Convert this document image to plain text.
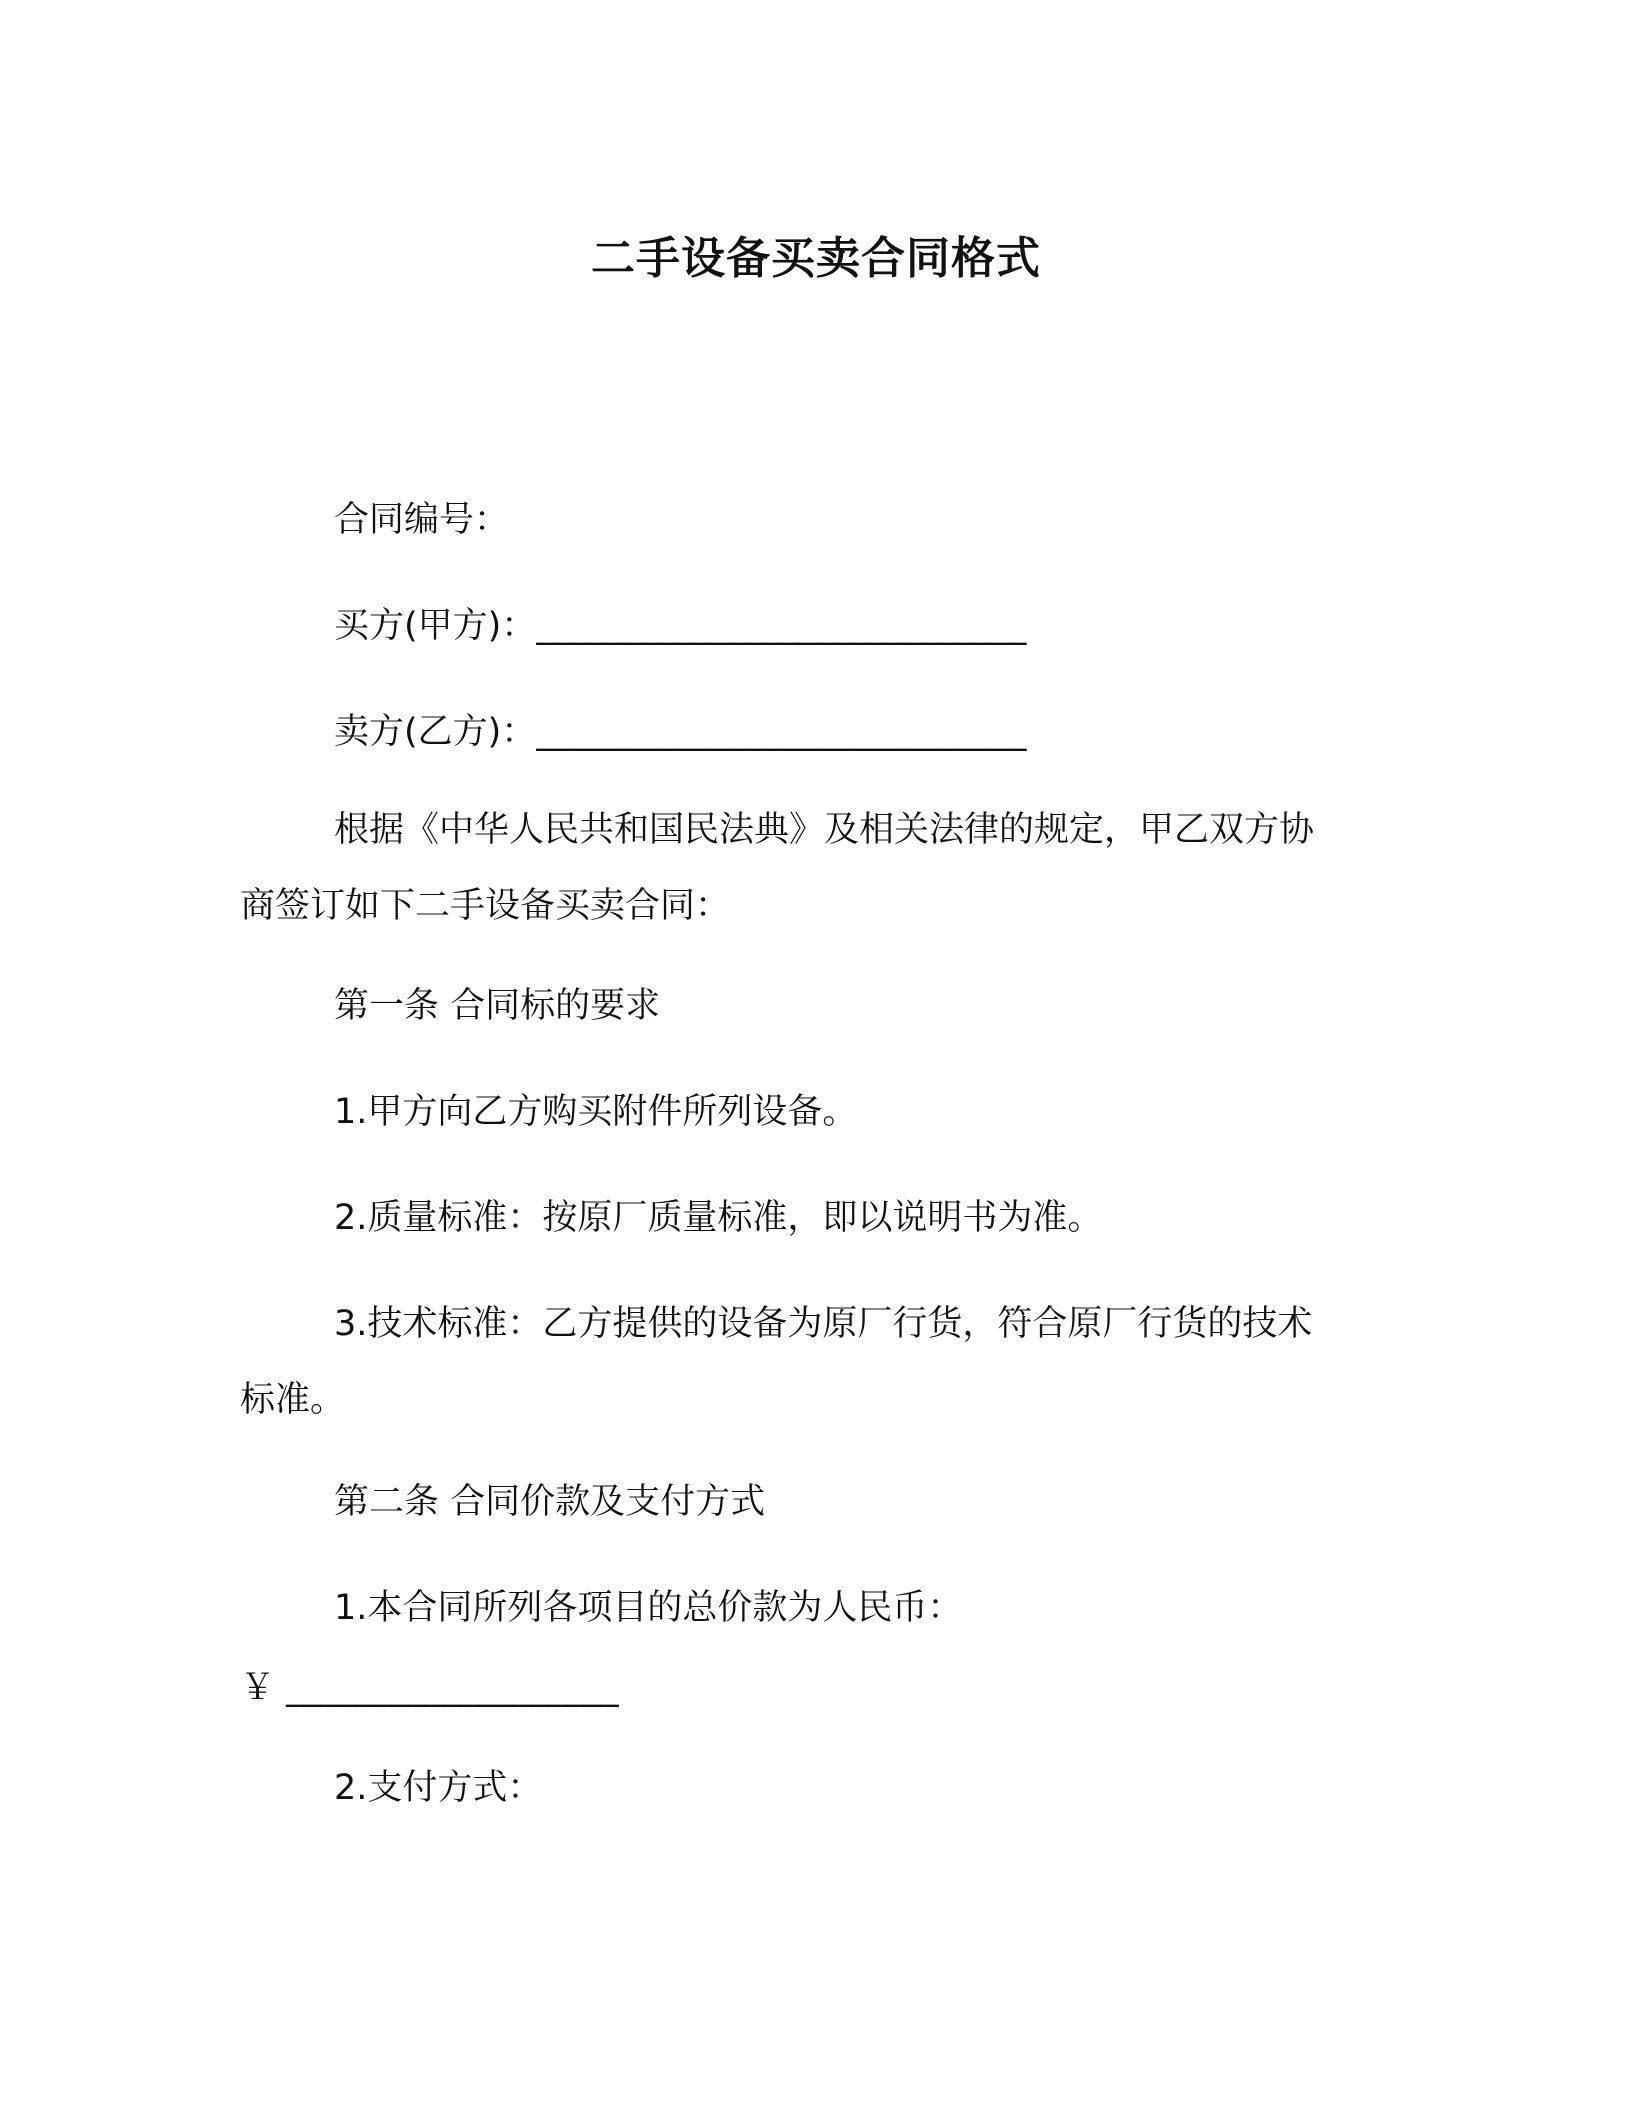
二手设备买卖合同格式
合同编号：
买方(甲方)：____________________________
卖方(乙方)：____________________________
根据《中华人民共和国民法典》及相关法律的规定，甲乙双方协
商签订如下二手设备买卖合同：
第一条 合同标的要求
1.甲方向乙方购买附件所列设备。
2.质量标准：按原厂质量标准，即以说明书为准。
3.技术标准：乙方提供的设备为原厂行货，符合原厂行货的技术
标准。
第二条 合同价款及支付方式
1.本合同所列各项目的总价款为人民币：
￥ ___________________
2.支付方式：
